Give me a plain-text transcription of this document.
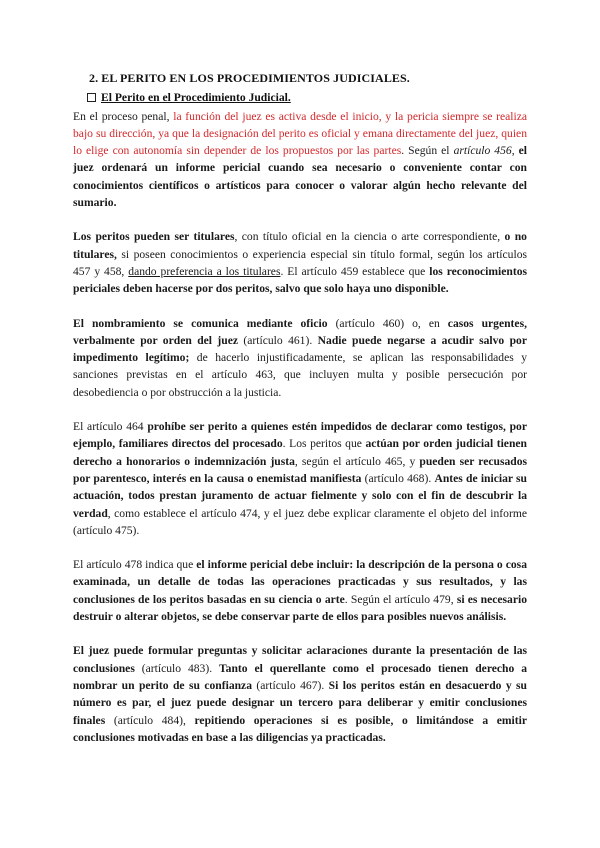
2. EL PERITO EN LOS PROCEDIMIENTOS JUDICIALES.
El Perito en el Procedimiento Judicial.

En el proceso penal, la función del juez es activa desde el inicio, y la pericia siempre se realiza bajo su dirección, ya que la designación del perito es oficial y emana directamente del juez, quien lo elige con autonomía sin depender de los propuestos por las partes. Según el artículo 456, el juez ordenará un informe pericial cuando sea necesario o conveniente contar con conocimientos científicos o artísticos para conocer o valorar algún hecho relevante del sumario.

Los peritos pueden ser titulares, con título oficial en la ciencia o arte correspondiente, o no titulares, si poseen conocimientos o experiencia especial sin título formal, según los artículos 457 y 458, dando preferencia a los titulares. El artículo 459 establece que los reconocimientos periciales deben hacerse por dos peritos, salvo que solo haya uno disponible.

El nombramiento se comunica mediante oficio (artículo 460) o, en casos urgentes, verbalmente por orden del juez (artículo 461). Nadie puede negarse a acudir salvo por impedimento legítimo; de hacerlo injustificadamente, se aplican las responsabilidades y sanciones previstas en el artículo 463, que incluyen multa y posible persecución por desobediencia o por obstrucción a la justicia.

El artículo 464 prohíbe ser perito a quienes estén impedidos de declarar como testigos, por ejemplo, familiares directos del procesado. Los peritos que actúan por orden judicial tienen derecho a honorarios o indemnización justa, según el artículo 465, y pueden ser recusados por parentesco, interés en la causa o enemistad manifiesta (artículo 468). Antes de iniciar su actuación, todos prestan juramento de actuar fielmente y solo con el fin de descubrir la verdad, como establece el artículo 474, y el juez debe explicar claramente el objeto del informe (artículo 475).

El artículo 478 indica que el informe pericial debe incluir: la descripción de la persona o cosa examinada, un detalle de todas las operaciones practicadas y sus resultados, y las conclusiones de los peritos basadas en su ciencia o arte. Según el artículo 479, si es necesario destruir o alterar objetos, se debe conservar parte de ellos para posibles nuevos análisis.

El juez puede formular preguntas y solicitar aclaraciones durante la presentación de las conclusiones (artículo 483). Tanto el querellante como el procesado tienen derecho a nombrar un perito de su confianza (artículo 467). Si los peritos están en desacuerdo y su número es par, el juez puede designar un tercero para deliberar y emitir conclusiones finales (artículo 484), repitiendo operaciones si es posible, o limitándose a emitir conclusiones motivadas en base a las diligencias ya practicadas.
